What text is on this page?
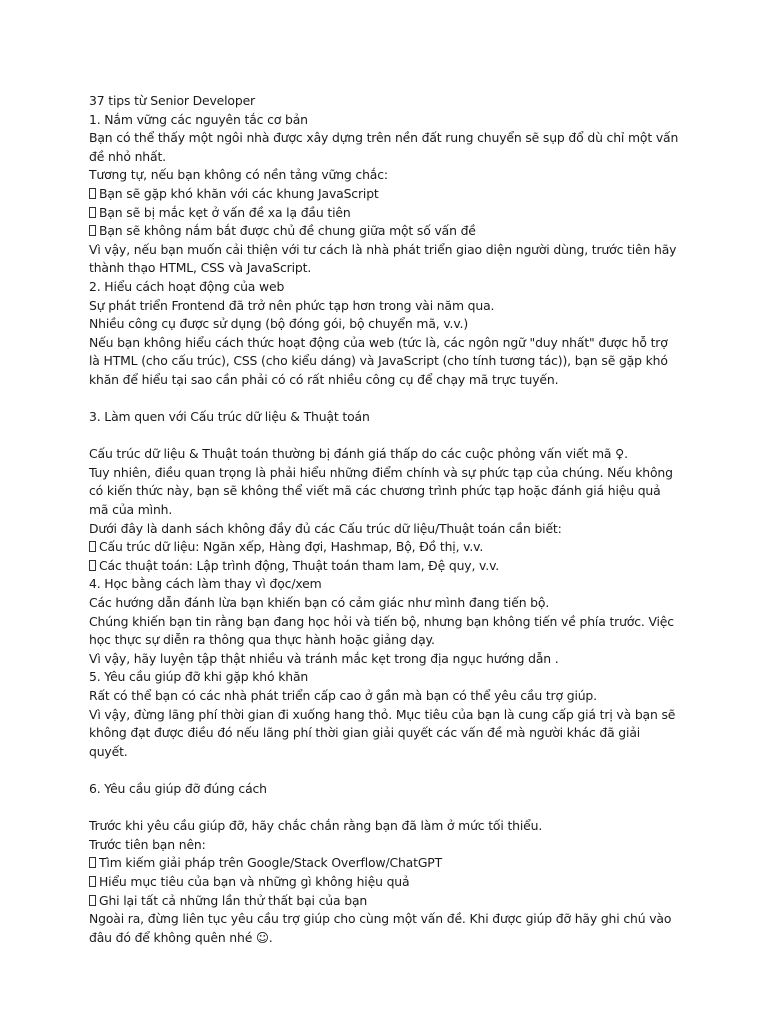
37 tips từ Senior Developer

1. Nắm vững các nguyên tắc cơ bản

Bạn có thể thấy một ngôi nhà được xây dựng trên nền đất rung chuyển sẽ sụp đổ dù chỉ một vấn đề nhỏ nhất.

Tương tự, nếu bạn không có nền tảng vững chắc:

Bạn sẽ gặp khó khăn với các khung JavaScript

Bạn sẽ bị mắc kẹt ở vấn đề xa lạ đầu tiên

Bạn sẽ không nắm bắt được chủ đề chung giữa một số vấn đề

Vì vậy, nếu bạn muốn cải thiện với tư cách là nhà phát triển giao diện người dùng, trước tiên hãy thành thạo HTML, CSS và JavaScript.

2. Hiểu cách hoạt động của web

Sự phát triển Frontend đã trở nên phức tạp hơn trong vài năm qua.

Nhiều công cụ được sử dụng (bộ đóng gói, bộ chuyển mã, v.v.)

Nếu bạn không hiểu cách thức hoạt động của web (tức là, các ngôn ngữ "duy nhất" được hỗ trợ là HTML (cho cấu trúc), CSS (cho kiểu dáng) và JavaScript (cho tính tương tác)), bạn sẽ gặp khó khăn để hiểu tại sao cần phải có có rất nhiều công cụ để chạy mã trực tuyến.

3. Làm quen với Cấu trúc dữ liệu & Thuật toán

Cấu trúc dữ liệu & Thuật toán thường bị đánh giá thấp do các cuộc phỏng vấn viết mã ♀.

Tuy nhiên, điều quan trọng là phải hiểu những điểm chính và sự phức tạp của chúng. Nếu không có kiến thức này, bạn sẽ không thể viết mã các chương trình phức tạp hoặc đánh giá hiệu quả mã của mình.

Dưới đây là danh sách không đầy đủ các Cấu trúc dữ liệu/Thuật toán cần biết:

Cấu trúc dữ liệu: Ngăn xếp, Hàng đợi, Hashmap, Bộ, Đồ thị, v.v.

Các thuật toán: Lập trình động, Thuật toán tham lam, Đệ quy, v.v.

4. Học bằng cách làm thay vì đọc/xem

Các hướng dẫn đánh lừa bạn khiến bạn có cảm giác như mình đang tiến bộ.

Chúng khiến bạn tin rằng bạn đang học hỏi và tiến bộ, nhưng bạn không tiến về phía trước. Việc học thực sự diễn ra thông qua thực hành hoặc giảng dạy.

Vì vậy, hãy luyện tập thật nhiều và tránh mắc kẹt trong địa ngục hướng dẫn .

5. Yêu cầu giúp đỡ khi gặp khó khăn

Rất có thể bạn có các nhà phát triển cấp cao ở gần mà bạn có thể yêu cầu trợ giúp.

Vì vậy, đừng lãng phí thời gian đi xuống hang thỏ. Mục tiêu của bạn là cung cấp giá trị và bạn sẽ không đạt được điều đó nếu lãng phí thời gian giải quyết các vấn đề mà người khác đã giải quyết.

6. Yêu cầu giúp đỡ đúng cách

Trước khi yêu cầu giúp đỡ, hãy chắc chắn rằng bạn đã làm ở mức tối thiểu.

Trước tiên bạn nên:

Tìm kiếm giải pháp trên Google/Stack Overflow/ChatGPT

Hiểu mục tiêu của bạn và những gì không hiệu quả

Ghi lại tất cả những lần thử thất bại của bạn

Ngoài ra, đừng liên tục yêu cầu trợ giúp cho cùng một vấn đề. Khi được giúp đỡ hãy ghi chú vào đâu đó để không quên nhé ☺.
